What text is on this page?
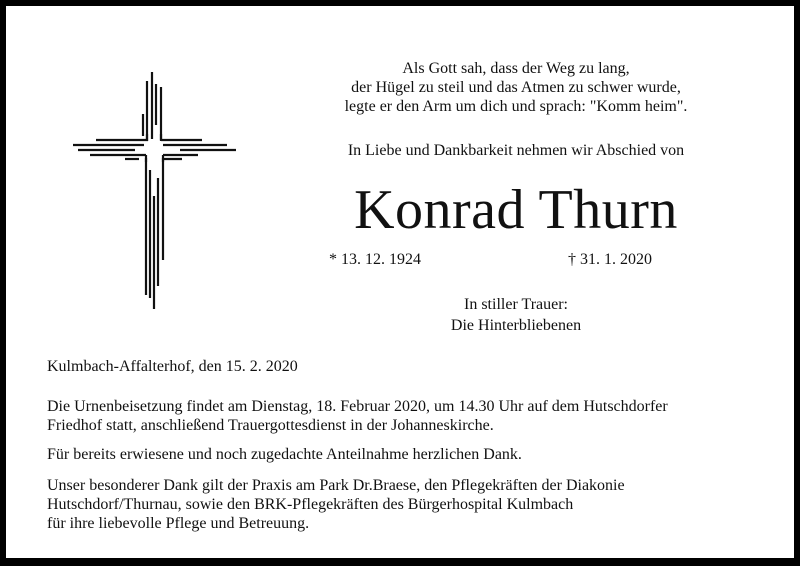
Als Gott sah, dass der Weg zu lang,
der Hügel zu steil und das Atmen zu schwer wurde,
legte er den Arm um dich und sprach: "Komm heim".
In Liebe und Dankbarkeit nehmen wir Abschied von
Konrad Thurn
* 13. 12. 1924	† 31. 1. 2020
In stiller Trauer:
Die Hinterbliebenen
Kulmbach-Affalterhof, den 15. 2. 2020
Die Urnenbeisetzung findet am Dienstag, 18. Februar 2020, um 14.30 Uhr auf dem Hutschdorfer
Friedhof statt, anschließend Trauergottesdienst in der Johanneskirche.
Für bereits erwiesene und noch zugedachte Anteilnahme herzlichen Dank.
Unser besonderer Dank gilt der Praxis am Park Dr.Braese, den Pflegekräften der Diakonie
Hutschdorf/Thurnau, sowie den BRK-Pflegekräften des Bürgerhospital Kulmbach
für ihre liebevolle Pflege und Betreuung.
